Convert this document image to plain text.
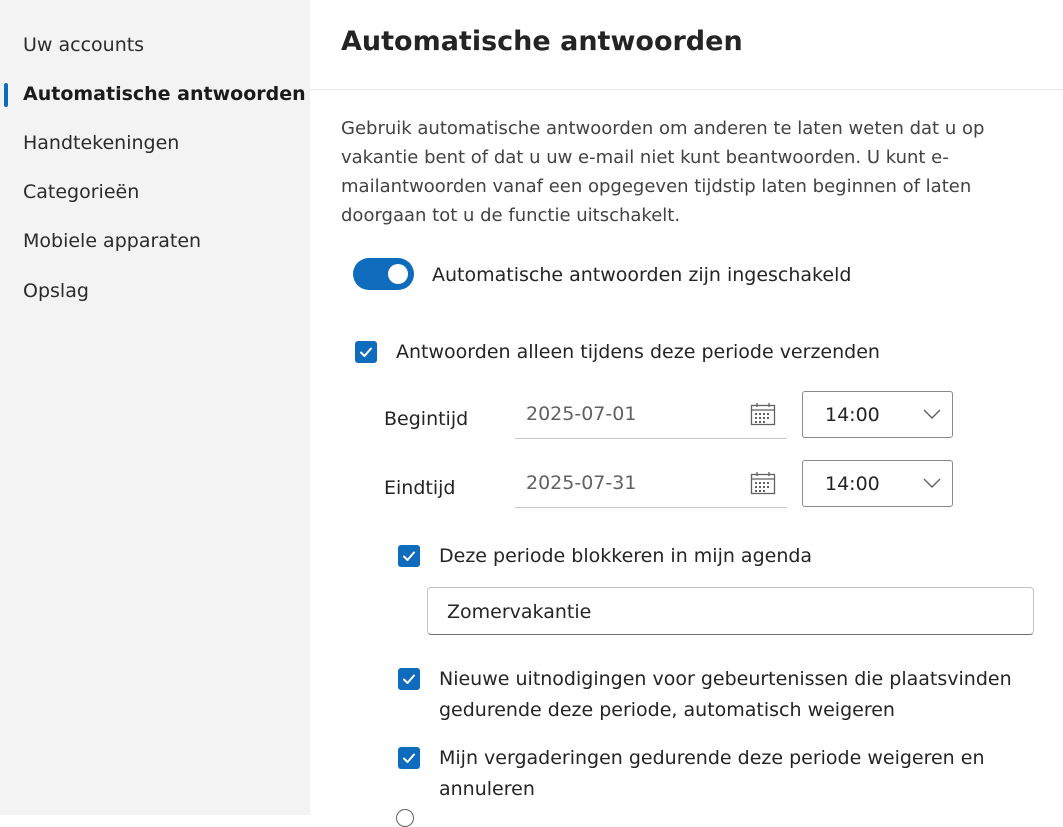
Uw accounts
Automatische antwoorden
Handtekeningen
Categorieën
Mobiele apparaten
Opslag
Automatische antwoorden
Gebruik automatische antwoorden om anderen te laten weten dat u op vakantie bent of dat u uw e-mail niet kunt beantwoorden. U kunt e-mailantwoorden vanaf een opgegeven tijdstip laten beginnen of laten doorgaan tot u de functie uitschakelt.
Automatische antwoorden zijn ingeschakeld
Antwoorden alleen tijdens deze periode verzenden
Begintijd	2025-07-01	14:00
Eindtijd	2025-07-31	14:00
Deze periode blokkeren in mijn agenda
Zomervakantie
Nieuwe uitnodigingen voor gebeurtenissen die plaatsvinden gedurende deze periode, automatisch weigeren
Mijn vergaderingen gedurende deze periode weigeren en annuleren
